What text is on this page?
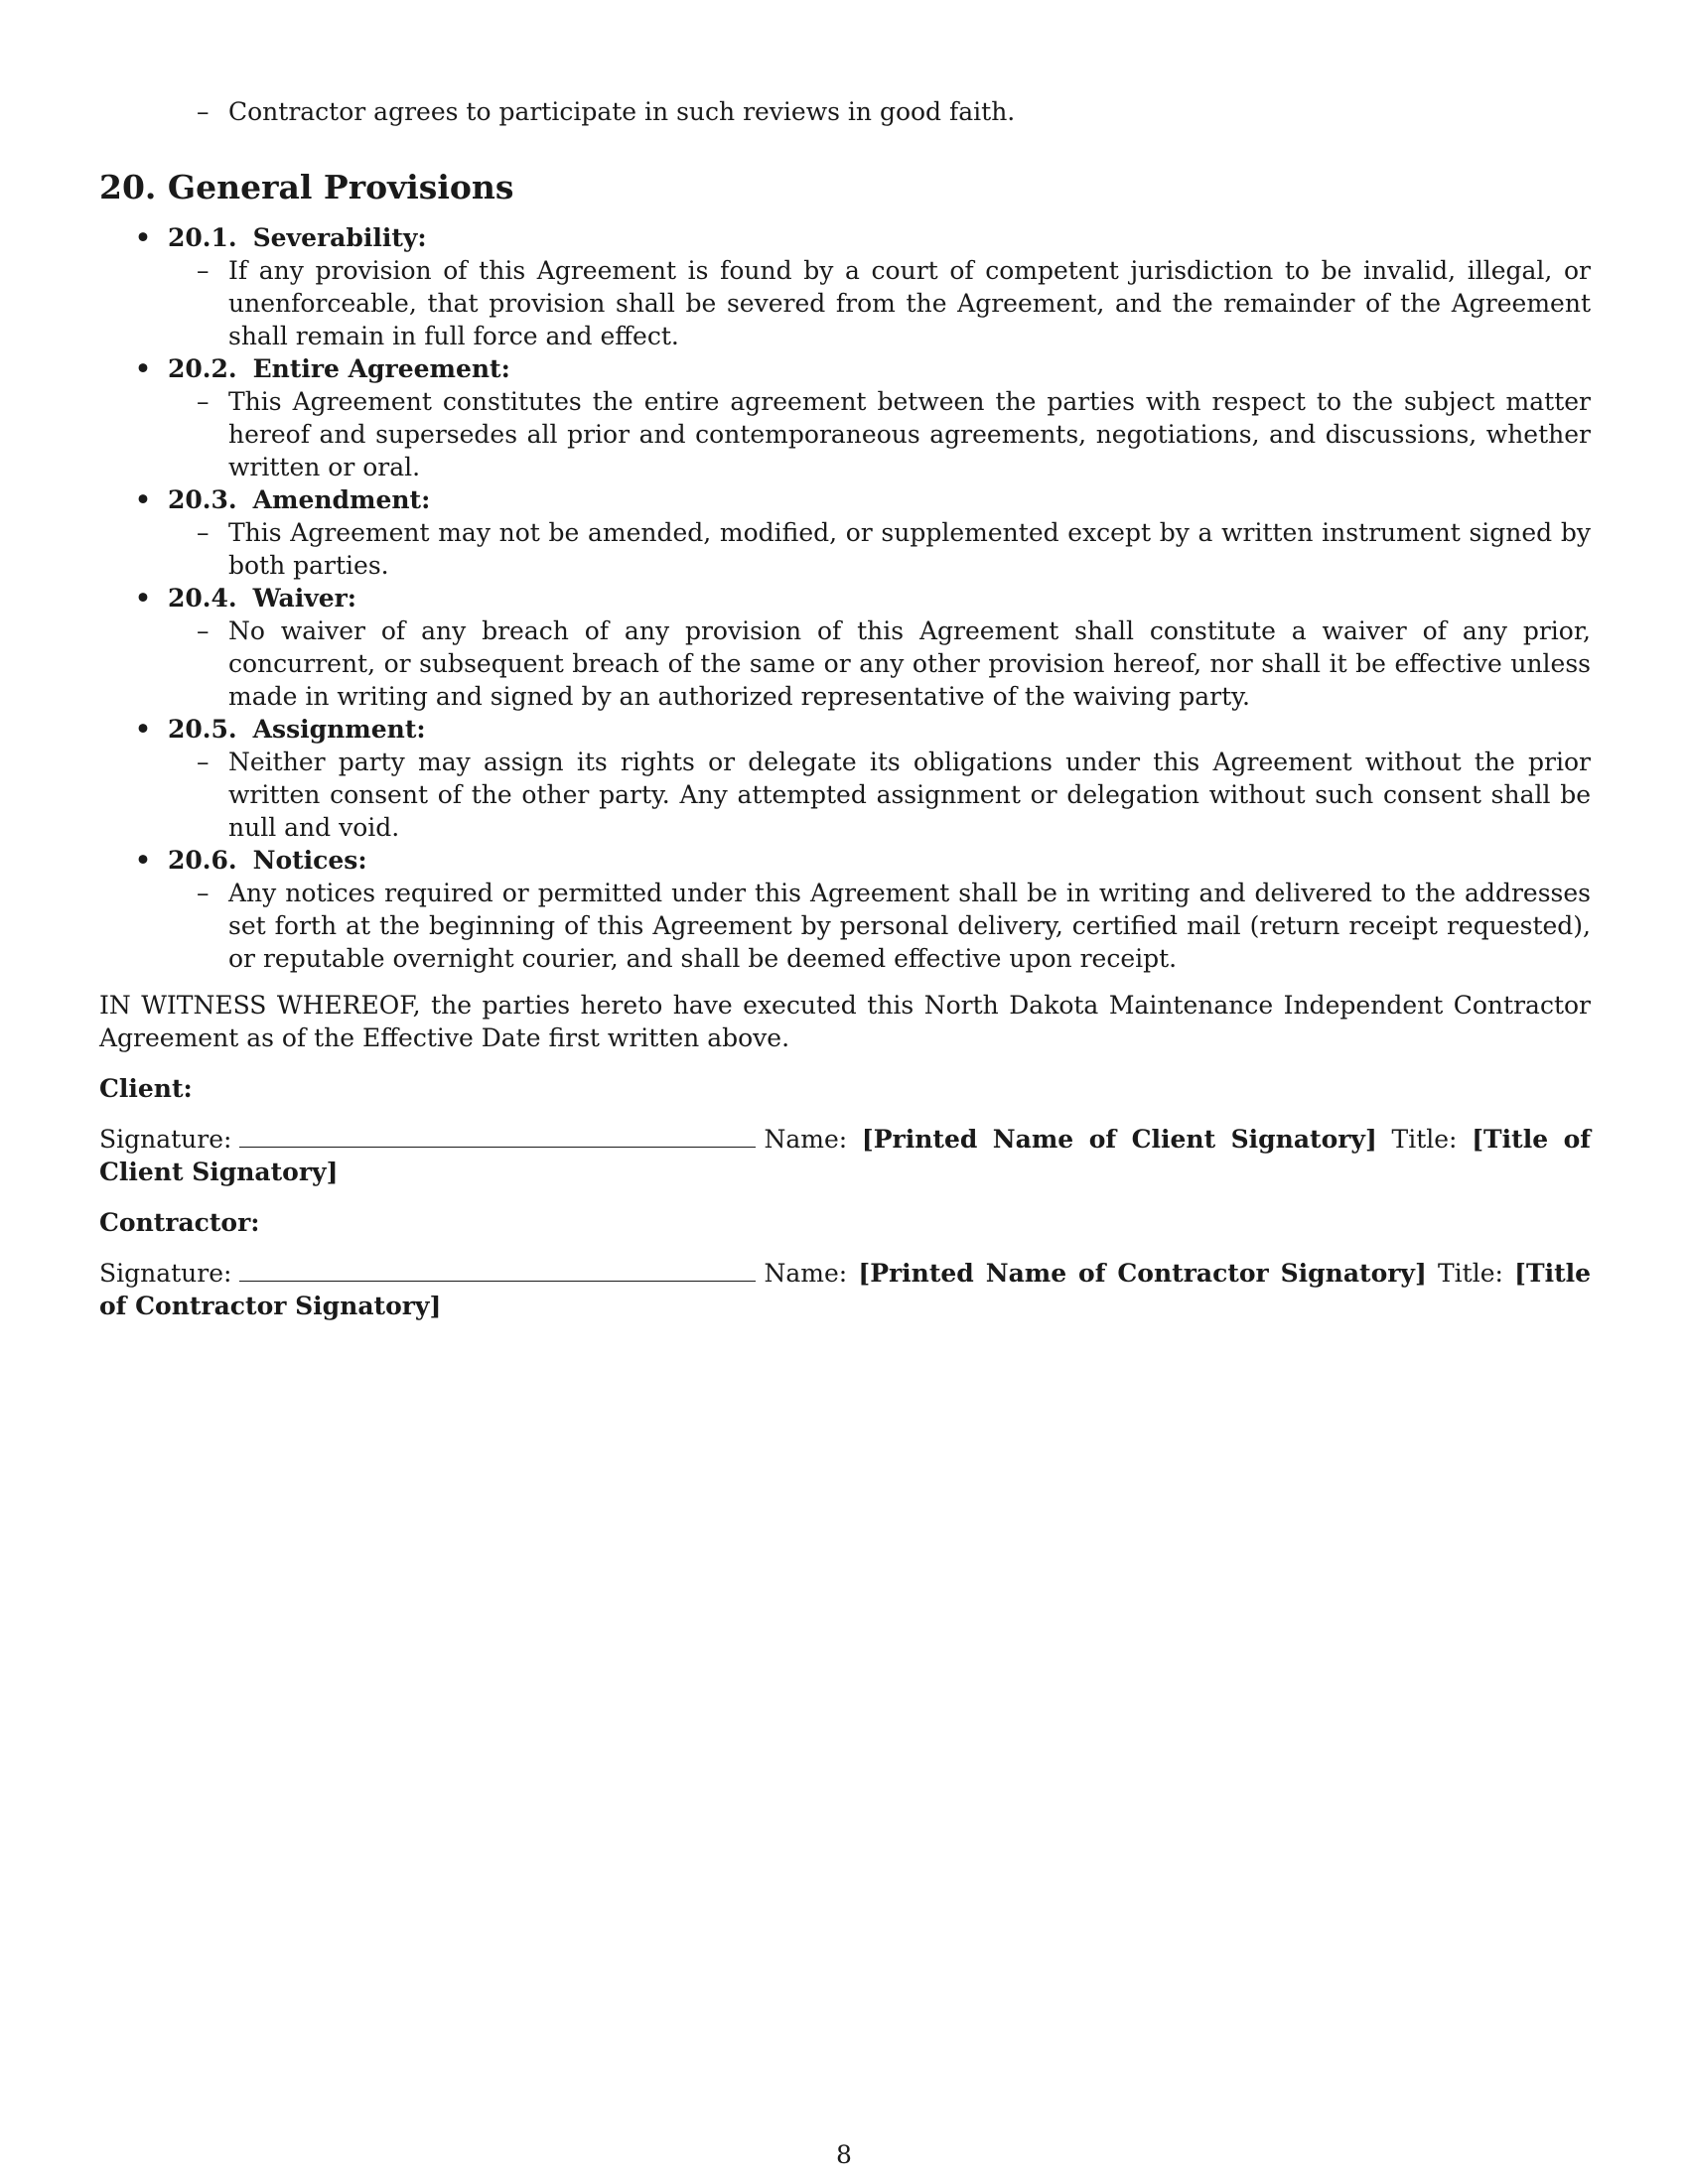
– Contractor agrees to participate in such reviews in good faith.

20. General Provisions
• 20.1. Severability:
– If any provision of this Agreement is found by a court of competent jurisdiction to be invalid, illegal, or unenforceable, that provision shall be severed from the Agreement, and the remainder of the Agreement shall remain in full force and effect.
• 20.2. Entire Agreement:
– This Agreement constitutes the entire agreement between the parties with respect to the subject matter hereof and supersedes all prior and contemporaneous agreements, negotiations, and discussions, whether written or oral.
• 20.3. Amendment:
– This Agreement may not be amended, modified, or supplemented except by a written instrument signed by both parties.
• 20.4. Waiver:
– No waiver of any breach of any provision of this Agreement shall constitute a waiver of any prior, concurrent, or subsequent breach of the same or any other provision hereof, nor shall it be effective unless made in writing and signed by an authorized representative of the waiving party.
• 20.5. Assignment:
– Neither party may assign its rights or delegate its obligations under this Agreement without the prior written consent of the other party. Any attempted assignment or delegation without such consent shall be null and void.
• 20.6. Notices:
– Any notices required or permitted under this Agreement shall be in writing and delivered to the addresses set forth at the beginning of this Agreement by personal delivery, certified mail (return receipt requested), or reputable overnight courier, and shall be deemed effective upon receipt.

IN WITNESS WHEREOF, the parties hereto have executed this North Dakota Maintenance Independent Contractor Agreement as of the Effective Date first written above.

Client:

Signature:	Name: [Printed Name of Client Signatory] Title: [Title of Client Signatory]

Contractor:

Signature:	Name: [Printed Name of Contractor Signatory] Title: [Title of Contractor Signatory]

8
